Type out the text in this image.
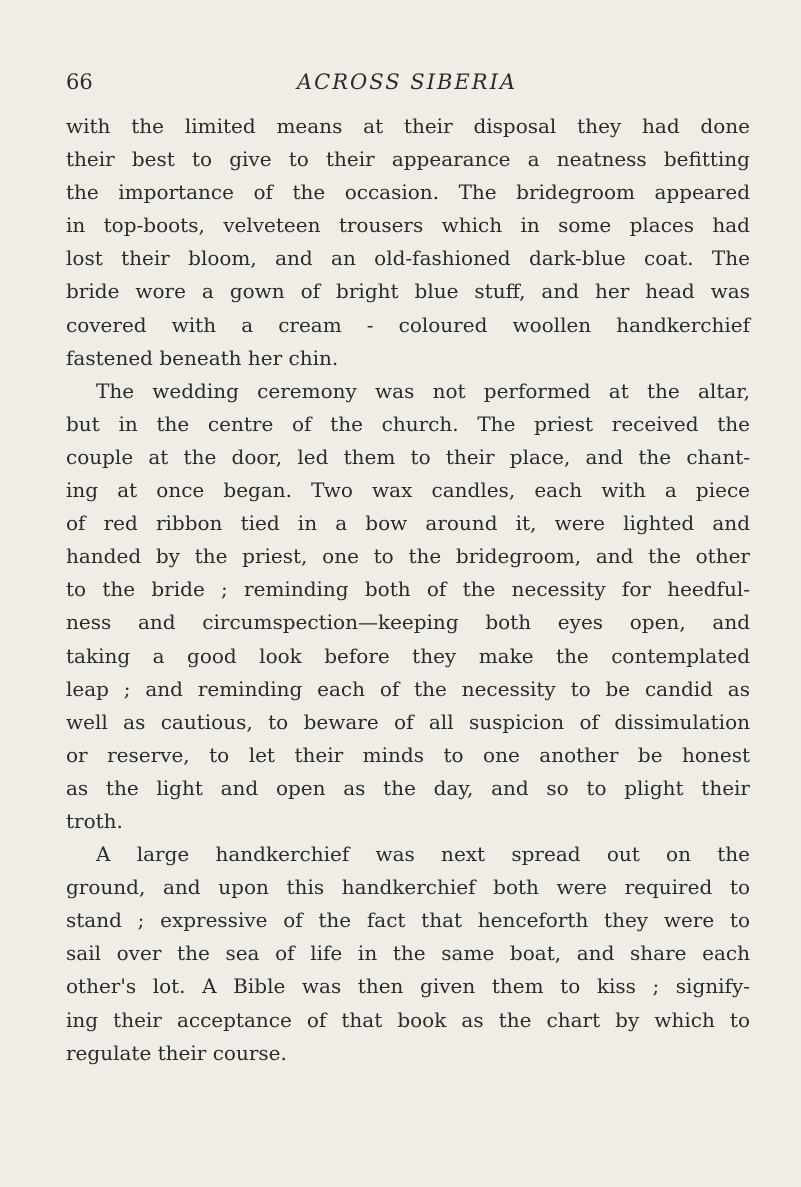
66	ACROSS SIBERIA

with the limited means at their disposal they had done
their best to give to their appearance a neatness befitting
the importance of the occasion. The bridegroom appeared
in top-boots, velveteen trousers which in some places had
lost their bloom, and an old-fashioned dark-blue coat. The
bride wore a gown of bright blue stuff, and her head was
covered with a cream - coloured woollen handkerchief
fastened beneath her chin.

The wedding ceremony was not performed at the altar,
but in the centre of the church. The priest received the
couple at the door, led them to their place, and the chant-
ing at once began. Two wax candles, each with a piece
of red ribbon tied in a bow around it, were lighted and
handed by the priest, one to the bridegroom, and the other
to the bride ; reminding both of the necessity for heedful-
ness and circumspection—keeping both eyes open, and
taking a good look before they make the contemplated
leap ; and reminding each of the necessity to be candid as
well as cautious, to beware of all suspicion of dissimulation
or reserve, to let their minds to one another be honest
as the light and open as the day, and so to plight their
troth.

A large handkerchief was next spread out on the
ground, and upon this handkerchief both were required to
stand ; expressive of the fact that henceforth they were to
sail over the sea of life in the same boat, and share each
other's lot. A Bible was then given them to kiss ; signify-
ing their acceptance of that book as the chart by which to
regulate their course.
